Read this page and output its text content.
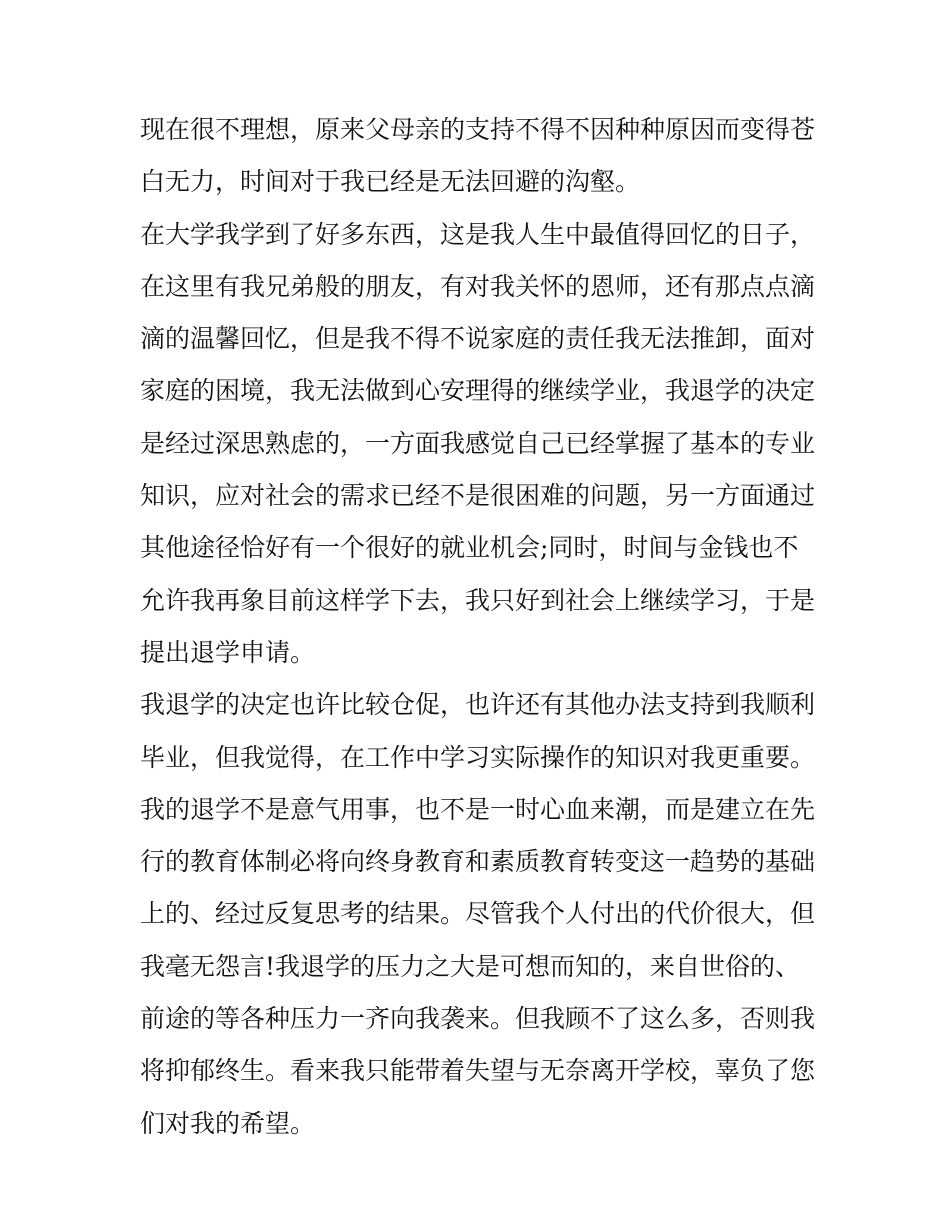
现在很不理想，原来父母亲的支持不得不因种种原因而变得苍
白无力，时间对于我已经是无法回避的沟壑。
在大学我学到了好多东西，这是我人生中最值得回忆的日子，
在这里有我兄弟般的朋友，有对我关怀的恩师，还有那点点滴
滴的温馨回忆，但是我不得不说家庭的责任我无法推卸，面对
家庭的困境，我无法做到心安理得的继续学业，我退学的决定
是经过深思熟虑的，一方面我感觉自己已经掌握了基本的专业
知识，应对社会的需求已经不是很困难的问题，另一方面通过
其他途径恰好有一个很好的就业机会;同时，时间与金钱也不
允许我再象目前这样学下去，我只好到社会上继续学习，于是
提出退学申请。
我退学的决定也许比较仓促，也许还有其他办法支持到我顺利
毕业，但我觉得，在工作中学习实际操作的知识对我更重要。
我的退学不是意气用事，也不是一时心血来潮，而是建立在先
行的教育体制必将向终身教育和素质教育转变这一趋势的基础
上的、经过反复思考的结果。尽管我个人付出的代价很大，但
我毫无怨言!我退学的压力之大是可想而知的，来自世俗的、
前途的等各种压力一齐向我袭来。但我顾不了这么多，否则我
将抑郁终生。看来我只能带着失望与无奈离开学校，辜负了您
们对我的希望。
